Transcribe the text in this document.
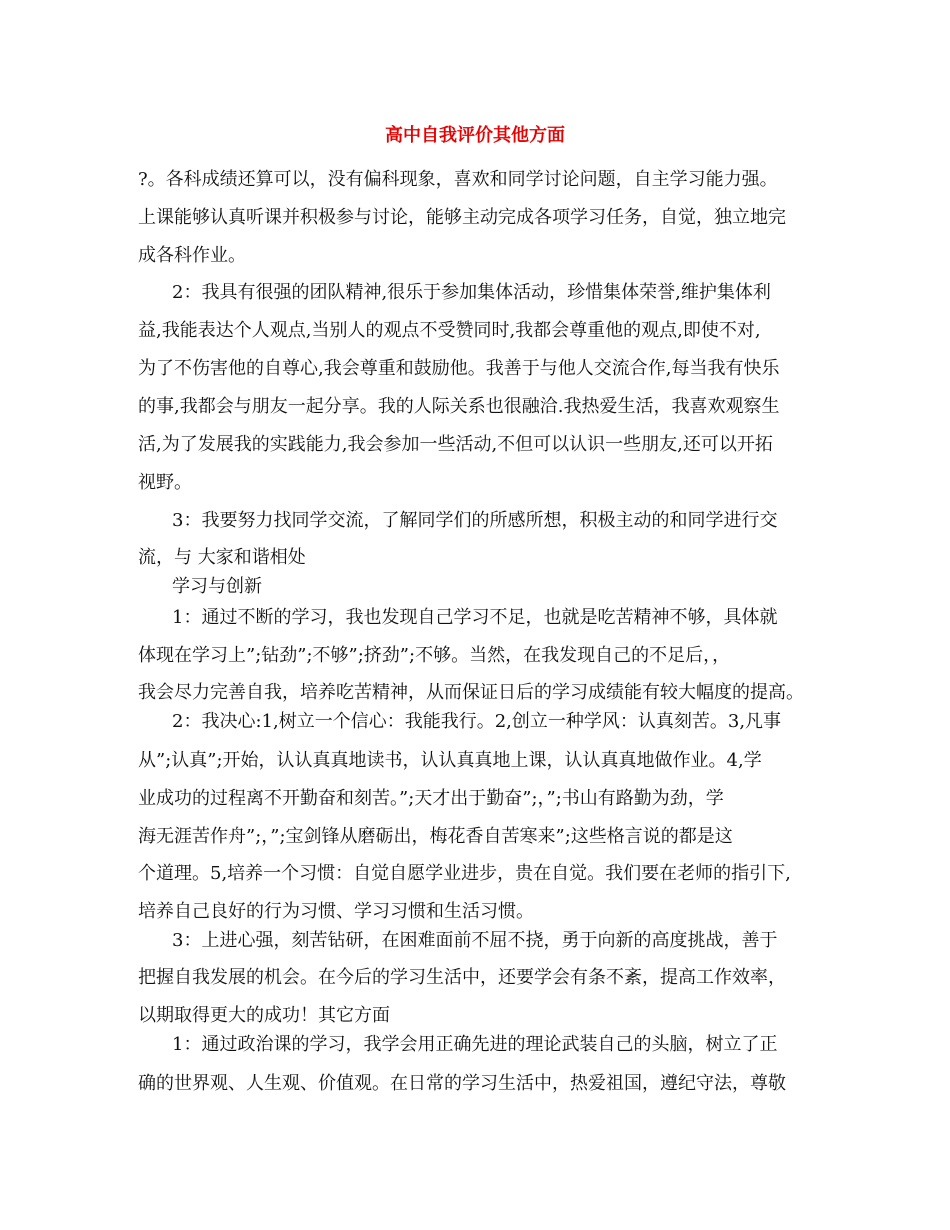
高中自我评价其他方面
?。各科成绩还算可以，没有偏科现象，喜欢和同学讨论问题，自主学习能力强。
上课能够认真听课并积极参与讨论，能够主动完成各项学习任务，自觉，独立地完
成各科作业。
2：我具有很强的团队精神,很乐于参加集体活动，珍惜集体荣誉,维护集体利
益,我能表达个人观点,当别人的观点不受赞同时,我都会尊重他的观点,即使不对,
为了不伤害他的自尊心,我会尊重和鼓励他。我善于与他人交流合作,每当我有快乐
的事,我都会与朋友一起分享。我的人际关系也很融洽.我热爱生活，我喜欢观察生
活,为了发展我的实践能力,我会参加一些活动,不但可以认识一些朋友,还可以开拓
视野。
3：我要努力找同学交流，了解同学们的所感所想，积极主动的和同学进行交
流，与 大家和谐相处
学习与创新
1：通过不断的学习，我也发现自己学习不足，也就是吃苦精神不够，具体就
体现在学习上”;钻劲”;不够”;挤劲”;不够。当然，在我发现自己的不足后，，
我会尽力完善自我，培养吃苦精神，从而保证日后的学习成绩能有较大幅度的提高。
2：我决心:1,树立一个信心：我能我行。2,创立一种学风：认真刻苦。3,凡事
从”;认真”;开始，认认真真地读书，认认真真地上课，认认真真地做作业。4,学
业成功的过程离不开勤奋和刻苦。”;天才出于勤奋”;，”;书山有路勤为劲，学
海无涯苦作舟”;，”;宝剑锋从磨砺出，梅花香自苦寒来”;这些格言说的都是这
个道理。5,培养一个习惯：自觉自愿学业进步，贵在自觉。我们要在老师的指引下,
培养自己良好的行为习惯、学习习惯和生活习惯。
3：上进心强，刻苦钻研，在困难面前不屈不挠，勇于向新的高度挑战，善于
把握自我发展的机会。在今后的学习生活中，还要学会有条不紊，提高工作效率，
以期取得更大的成功！其它方面
1：通过政治课的学习，我学会用正确先进的理论武装自己的头脑，树立了正
确的世界观、人生观、价值观。在日常的学习生活中，热爱祖国，遵纪守法，尊敬
